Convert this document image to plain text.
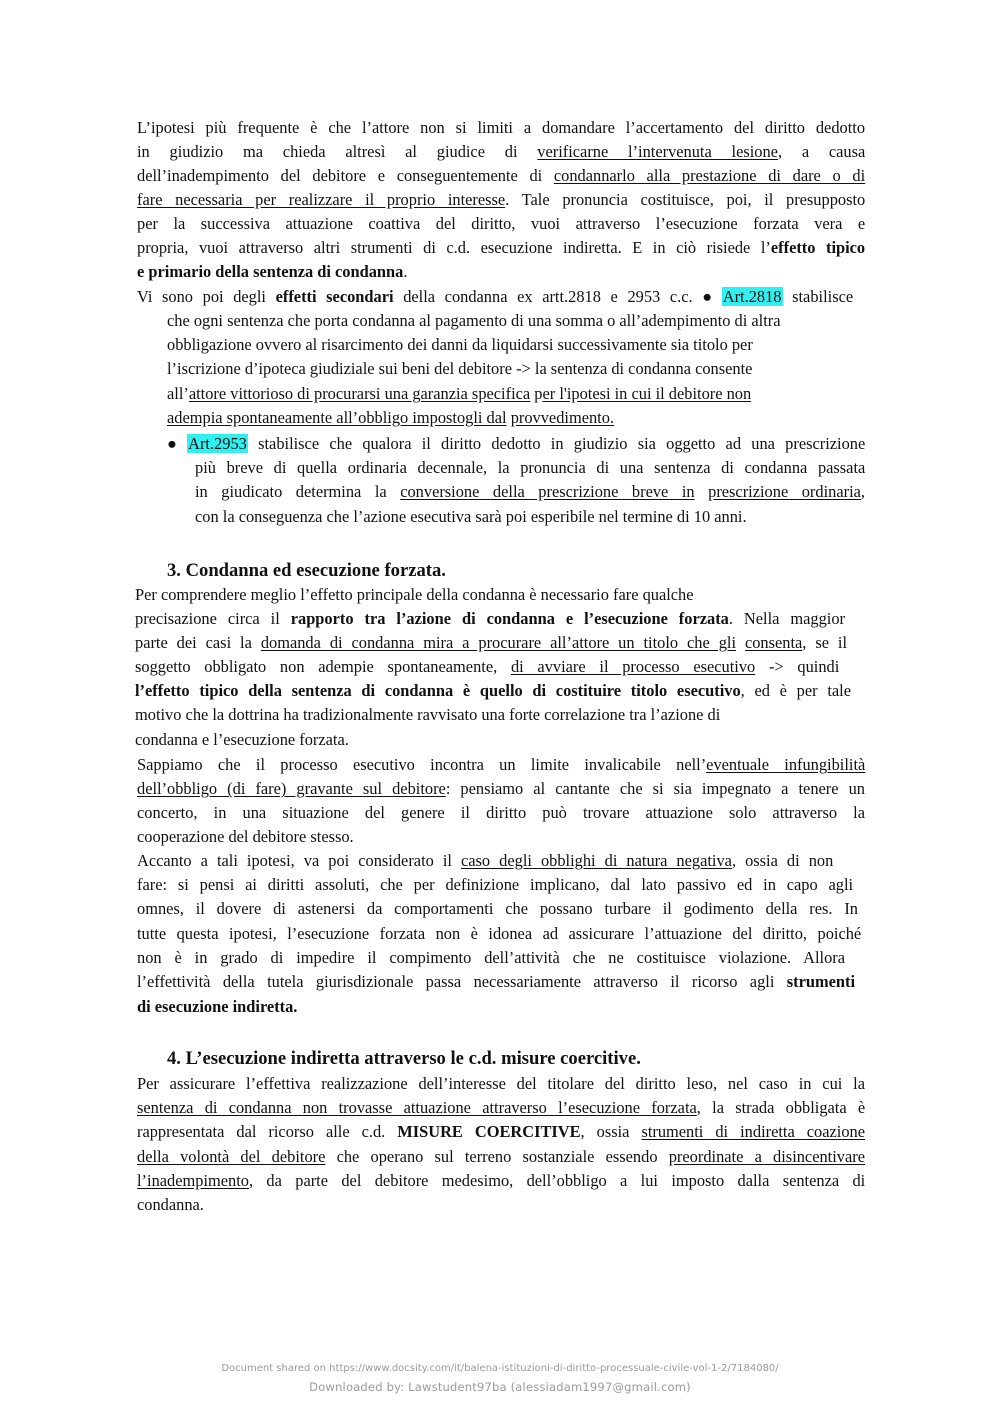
L’ipotesi più frequente è che l’attore non si limiti a domandare l’accertamento del diritto dedotto
in giudizio ma chieda altresì al giudice di verificarne l’intervenuta lesione, a causa
dell’inadempimento del debitore e conseguentemente di condannarlo alla prestazione di dare o di
fare necessaria per realizzare il proprio interesse. Tale pronuncia costituisce, poi, il presupposto
per la successiva attuazione coattiva del diritto, vuoi attraverso l’esecuzione forzata vera e
propria, vuoi attraverso altri strumenti di c.d. esecuzione indiretta. E in ciò risiede l’effetto tipico
e primario della sentenza di condanna.
Vi sono poi degli effetti secondari della condanna ex artt.2818 e 2953 c.c. ● Art.2818 stabilisce
che ogni sentenza che porta condanna al pagamento di una somma o all’adempimento di altra
obbligazione ovvero al risarcimento dei danni da liquidarsi successivamente sia titolo per
l’iscrizione d’ipoteca giudiziale sui beni del debitore -> la sentenza di condanna consente
all’attore vittorioso di procurarsi una garanzia specifica per l'ipotesi in cui il debitore non
adempia spontaneamente all’obbligo impostogli dal provvedimento.
● Art.2953 stabilisce che qualora il diritto dedotto in giudizio sia oggetto ad una prescrizione
più breve di quella ordinaria decennale, la pronuncia di una sentenza di condanna passata
in giudicato determina la conversione della prescrizione breve in prescrizione ordinaria,
con la conseguenza che l’azione esecutiva sarà poi esperibile nel termine di 10 anni.
3. Condanna ed esecuzione forzata.
Per comprendere meglio l’effetto principale della condanna è necessario fare qualche
precisazione circa il rapporto tra l’azione di condanna e l’esecuzione forzata. Nella maggior
parte dei casi la domanda di condanna mira a procurare all’attore un titolo che gli consenta, se il
soggetto obbligato non adempie spontaneamente, di avviare il processo esecutivo -> quindi
l’effetto tipico della sentenza di condanna è quello di costituire titolo esecutivo, ed è per tale
motivo che la dottrina ha tradizionalmente ravvisato una forte correlazione tra l’azione di
condanna e l’esecuzione forzata.
Sappiamo che il processo esecutivo incontra un limite invalicabile nell’eventuale infungibilità
dell’obbligo (di fare) gravante sul debitore: pensiamo al cantante che si sia impegnato a tenere un
concerto, in una situazione del genere il diritto può trovare attuazione solo attraverso la
cooperazione del debitore stesso.
Accanto a tali ipotesi, va poi considerato il caso degli obblighi di natura negativa, ossia di non
fare: si pensi ai diritti assoluti, che per definizione implicano, dal lato passivo ed in capo agli
omnes, il dovere di astenersi da comportamenti che possano turbare il godimento della res. In
tutte questa ipotesi, l’esecuzione forzata non è idonea ad assicurare l’attuazione del diritto, poiché
non è in grado di impedire il compimento dell’attività che ne costituisce violazione. Allora
l’effettività della tutela giurisdizionale passa necessariamente attraverso il ricorso agli strumenti
di esecuzione indiretta.
4. L’esecuzione indiretta attraverso le c.d. misure coercitive.
Per assicurare l’effettiva realizzazione dell’interesse del titolare del diritto leso, nel caso in cui la
sentenza di condanna non trovasse attuazione attraverso l’esecuzione forzata, la strada obbligata è
rappresentata dal ricorso alle c.d. MISURE COERCITIVE, ossia strumenti di indiretta coazione
della volontà del debitore che operano sul terreno sostanziale essendo preordinate a disincentivare
l’inadempimento, da parte del debitore medesimo, dell’obbligo a lui imposto dalla sentenza di
condanna.
Document shared on https://www.docsity.com/it/balena-istituzioni-di-diritto-processuale-civile-vol-1-2/7184080/
Downloaded by: Lawstudent97ba (alessiadam1997@gmail.com)
